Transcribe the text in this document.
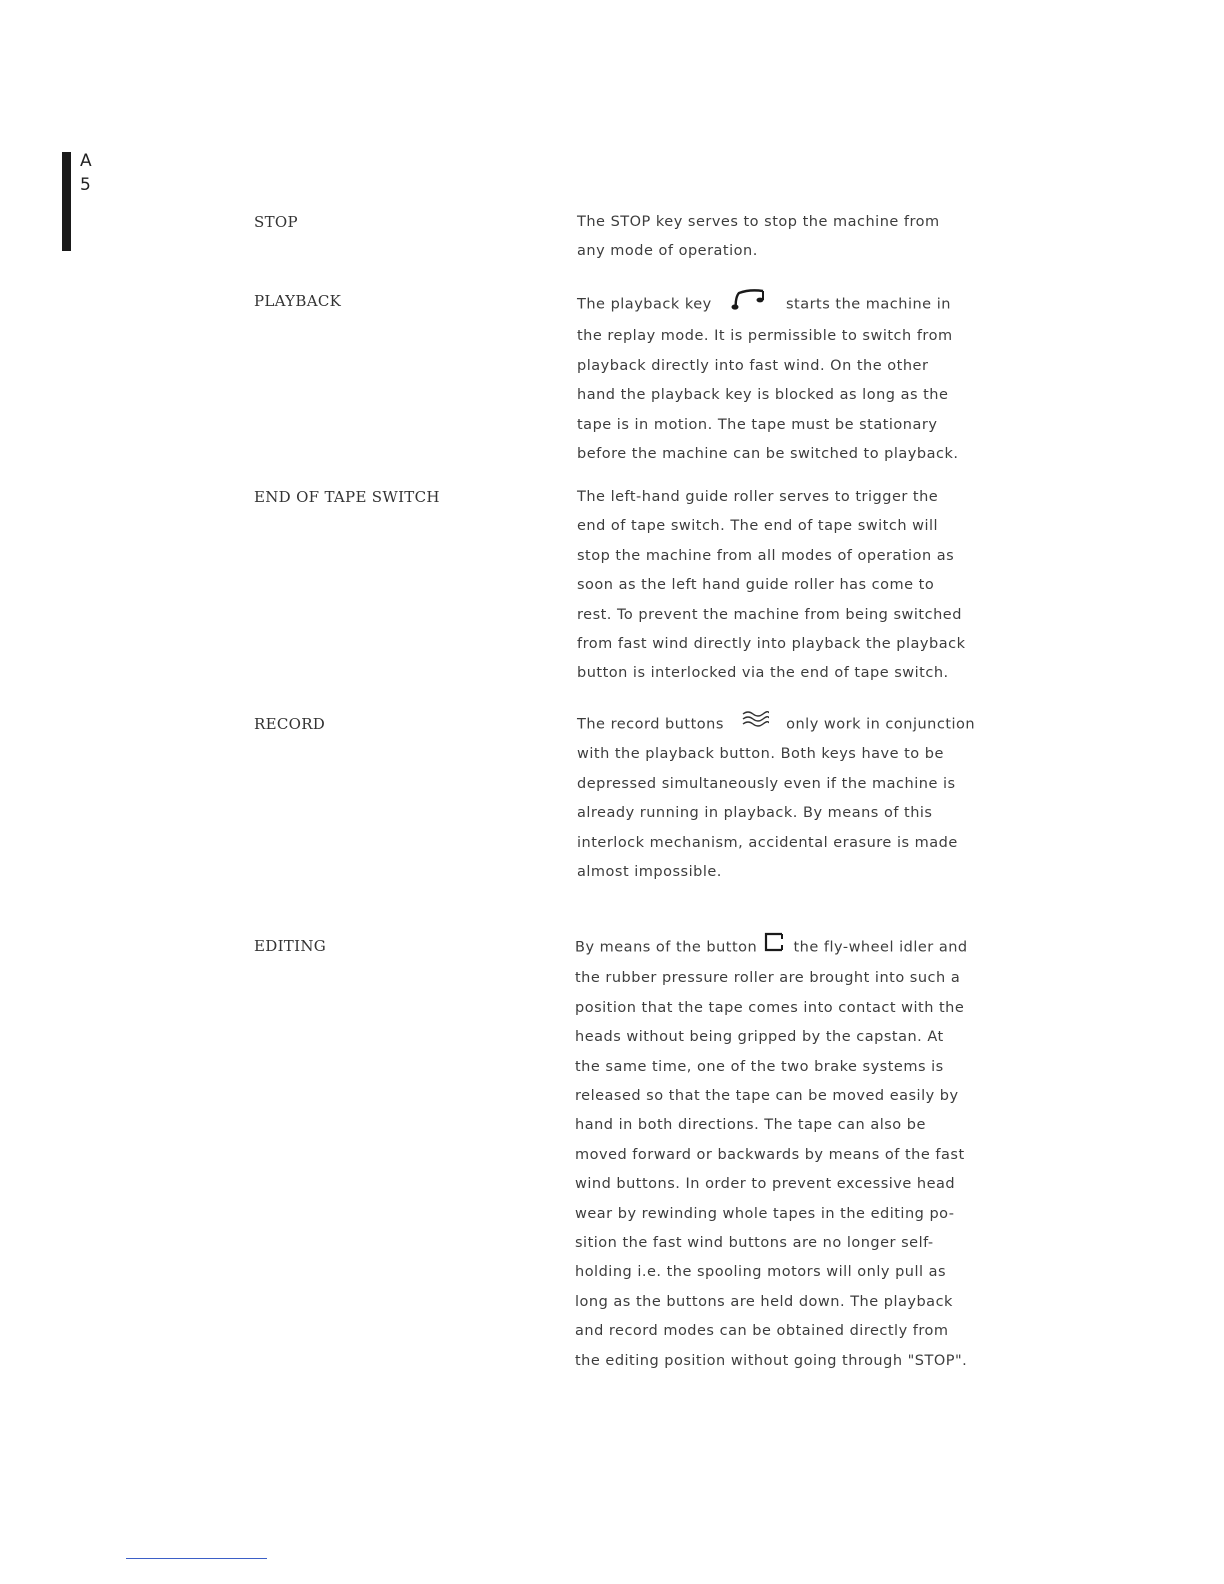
A
5
STOP	The STOP key serves to stop the machine from
any mode of operation.
PLAYBACK	The playback key	starts the machine in
the replay mode. It is permissible to switch from
playback directly into fast wind. On the other
hand the playback key is blocked as long as the
tape is in motion. The tape must be stationary
before the machine can be switched to playback.
END OF TAPE SWITCH	The left-hand guide roller serves to trigger the
end of tape switch. The end of tape switch will
stop the machine from all modes of operation as
soon as the left hand guide roller has come to
rest. To prevent the machine from being switched
from fast wind directly into playback the playback
button is interlocked via the end of tape switch.
RECORD	The record buttons	only work in conjunction
with the playback button. Both keys have to be
depressed simultaneously even if the machine is
already running in playback. By means of this
interlock mechanism, accidental erasure is made
almost impossible.
EDITING	By means of the button the fly-wheel idler and
the rubber pressure roller are brought into such a
position that the tape comes into contact with the
heads without being gripped by the capstan. At
the same time, one of the two brake systems is
released so that the tape can be moved easily by
hand in both directions. The tape can also be
moved forward or backwards by means of the fast
wind buttons. In order to prevent excessive head
wear by rewinding whole tapes in the editing po-
sition the fast wind buttons are no longer self-
holding i.e. the spooling motors will only pull as
long as the buttons are held down. The playback
and record modes can be obtained directly from
the editing position without going through "STOP".
